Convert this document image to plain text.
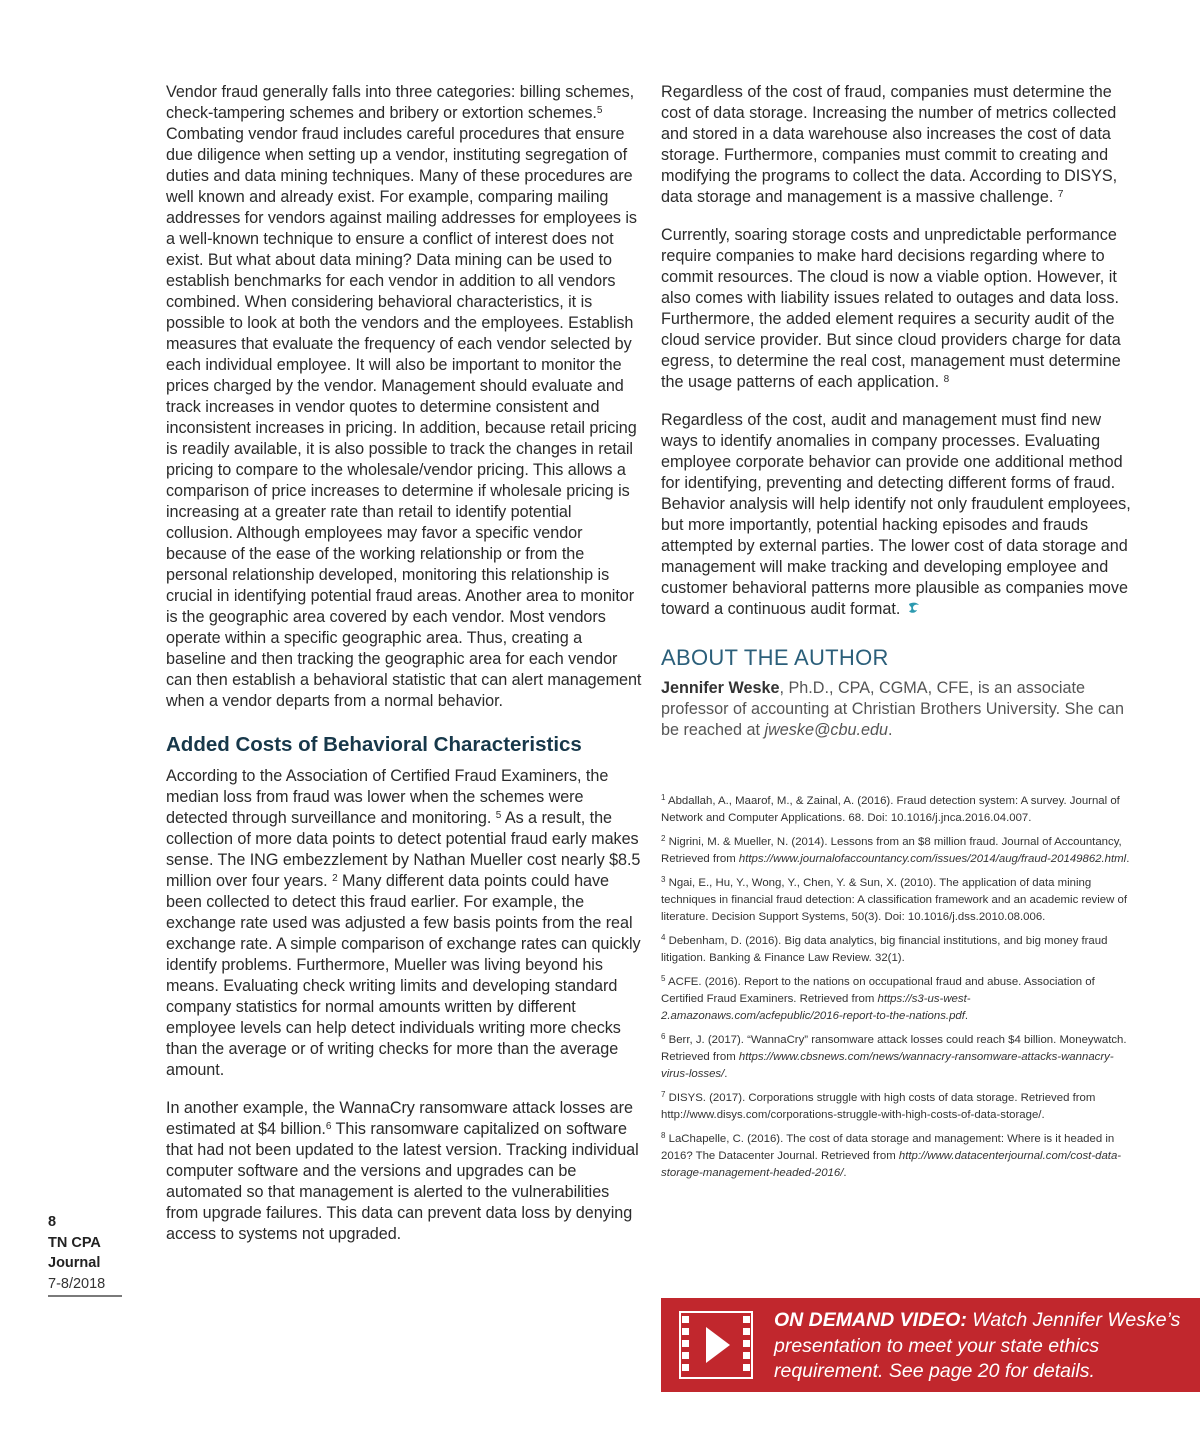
Vendor fraud generally falls into three categories: billing schemes, check-tampering schemes and bribery or extortion schemes.$^5$ Combating vendor fraud includes careful procedures that ensure due diligence when setting up a vendor, instituting segregation of duties and data mining techniques. Many of these procedures are well known and already exist. For example, comparing mailing addresses for vendors against mailing addresses for employees is a well-known technique to ensure a conflict of interest does not exist. But what about data mining? Data mining can be used to establish benchmarks for each vendor in addition to all vendors combined. When considering behavioral characteristics, it is possible to look at both the vendors and the employees. Establish measures that evaluate the frequency of each vendor selected by each individual employee. It will also be important to monitor the prices charged by the vendor. Management should evaluate and track increases in vendor quotes to determine consistent and inconsistent increases in pricing. In addition, because retail pricing is readily available, it is also possible to track the changes in retail pricing to compare to the wholesale/vendor pricing. This allows a comparison of price increases to determine if wholesale pricing is increasing at a greater rate than retail to identify potential collusion. Although employees may favor a specific vendor because of the ease of the working relationship or from the personal relationship developed, monitoring this relationship is crucial in identifying potential fraud areas. Another area to monitor is the geographic area covered by each vendor. Most vendors operate within a specific geographic area. Thus, creating a baseline and then tracking the geographic area for each vendor can then establish a behavioral statistic that can alert management when a vendor departs from a normal behavior.

Added Costs of Behavioral Characteristics

According to the Association of Certified Fraud Examiners, the median loss from fraud was lower when the schemes were detected through surveillance and monitoring. $^5$ As a result, the collection of more data points to detect potential fraud early makes sense. The ING embezzlement by Nathan Mueller cost nearly $8.5 million over four years. $^2$ Many different data points could have been collected to detect this fraud earlier. For example, the exchange rate used was adjusted a few basis points from the real exchange rate. A simple comparison of exchange rates can quickly identify problems. Furthermore, Mueller was living beyond his means. Evaluating check writing limits and developing standard company statistics for normal amounts written by different employee levels can help detect individuals writing more checks than the average or of writing checks for more than the average amount.

In another example, the WannaCry ransomware attack losses are estimated at $4 billion.$^6$ This ransomware capitalized on software that had not been updated to the latest version. Tracking individual computer software and the versions and upgrades can be automated so that management is alerted to the vulnerabilities from upgrade failures. This data can prevent data loss by denying access to systems not upgraded.

Regardless of the cost of fraud, companies must determine the cost of data storage. Increasing the number of metrics collected and stored in a data warehouse also increases the cost of data storage. Furthermore, companies must commit to creating and modifying the programs to collect the data. According to DISYS, data storage and management is a massive challenge. $^7$

Currently, soaring storage costs and unpredictable performance require companies to make hard decisions regarding where to commit resources. The cloud is now a viable option. However, it also comes with liability issues related to outages and data loss. Furthermore, the added element requires a security audit of the cloud service provider. But since cloud providers charge for data egress, to determine the real cost, management must determine the usage patterns of each application. $^8$

Regardless of the cost, audit and management must find new ways to identify anomalies in company processes. Evaluating employee corporate behavior can provide one additional method for identifying, preventing and detecting different forms of fraud. Behavior analysis will help identify not only fraudulent employees, but more importantly, potential hacking episodes and frauds attempted by external parties. The lower cost of data storage and management will make tracking and developing employee and customer behavioral patterns more plausible as companies move toward a continuous audit format.

ABOUT THE AUTHOR

Jennifer Weske, Ph.D., CPA, CGMA, CFE, is an associate professor of accounting at Christian Brothers University. She can be reached at jweske@cbu.edu.

$^1$ Abdallah, A., Maarof, M., & Zainal, A. (2016). Fraud detection system: A survey. Journal of Network and Computer Applications. 68. Doi: 10.1016/j.jnca.2016.04.007.

$^2$ Nigrini, M. & Mueller, N. (2014). Lessons from an $8 million fraud. Journal of Accountancy, Retrieved from https://www.journalofaccountancy.com/issues/2014/aug/fraud-20149862.html.

$^3$ Ngai, E., Hu, Y., Wong, Y., Chen, Y. & Sun, X. (2010). The application of data mining techniques in financial fraud detection: A classification framework and an academic review of literature. Decision Support Systems, 50(3). Doi: 10.1016/j.dss.2010.08.006.

$^4$ Debenham, D. (2016). Big data analytics, big financial institutions, and big money fraud litigation. Banking & Finance Law Review. 32(1).

$^5$ ACFE. (2016). Report to the nations on occupational fraud and abuse. Association of Certified Fraud Examiners. Retrieved from https://s3-us-west-2.amazonaws.com/acfepublic/2016-report-to-the-nations.pdf.

$^6$ Berr, J. (2017). “WannaCry” ransomware attack losses could reach $4 billion. Moneywatch. Retrieved from https://www.cbsnews.com/news/wannacry-ransomware-attacks-wannacry-virus-losses/.

$^7$ DISYS. (2017). Corporations struggle with high costs of data storage. Retrieved from http://www.disys.com/corporations-struggle-with-high-costs-of-data-storage/.

$^8$ LaChapelle, C. (2016). The cost of data storage and management: Where is it headed in 2016? The Datacenter Journal. Retrieved from http://www.datacenterjournal.com/cost-data-storage-management-headed-2016/.

8
TN CPA
Journal
7-8/2018
ON DEMAND VIDEO: Watch Jennifer Weske’s presentation to meet your state ethics requirement. See page 20 for details.
